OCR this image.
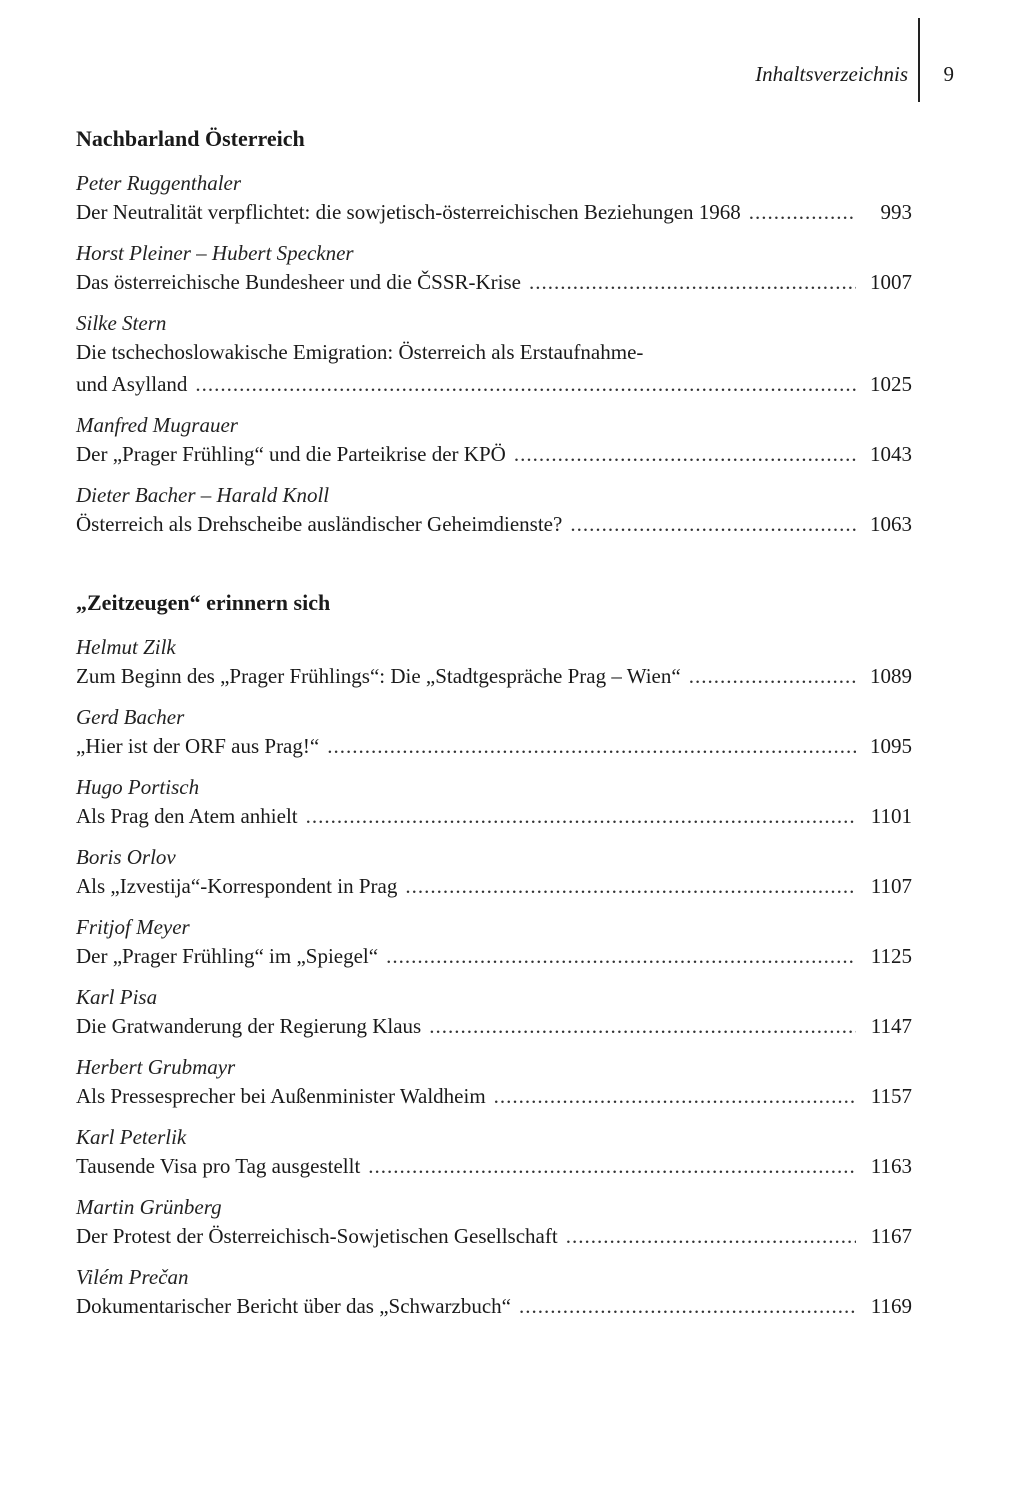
Inhaltsverzeichnis 9
Nachbarland Österreich
Peter Ruggenthaler
Der Neutralität verpflichtet: die sowjetisch-österreichischen Beziehungen 1968 .....	993
Horst Pleiner – Hubert Speckner
Das österreichische Bundesheer und die ČSSR-Krise .....	1007
Silke Stern
Die tschechoslowakische Emigration: Österreich als Erstaufnahme-
und Asylland .....	1025
Manfred Mugrauer
Der „Prager Frühling“ und die Parteikrise der KPÖ .....	1043
Dieter Bacher – Harald Knoll
Österreich als Drehscheibe ausländischer Geheimdienste? .....	1063
„Zeitzeugen“ erinnern sich
Helmut Zilk
Zum Beginn des „Prager Frühlings“: Die „Stadtgespräche Prag – Wien“ .....	1089
Gerd Bacher
„Hier ist der ORF aus Prag!“ .....	1095
Hugo Portisch
Als Prag den Atem anhielt .....	1101
Boris Orlov
Als „Izvestija“-Korrespondent in Prag .....	1107
Fritjof Meyer
Der „Prager Frühling“ im „Spiegel“ .....	1125
Karl Pisa
Die Gratwanderung der Regierung Klaus .....	1147
Herbert Grubmayr
Als Pressesprecher bei Außenminister Waldheim .....	1157
Karl Peterlik
Tausende Visa pro Tag ausgestellt .....	1163
Martin Grünberg
Der Protest der Österreichisch-Sowjetischen Gesellschaft .....	1167
Vilém Prečan
Dokumentarischer Bericht über das „Schwarzbuch“ .....	1169
